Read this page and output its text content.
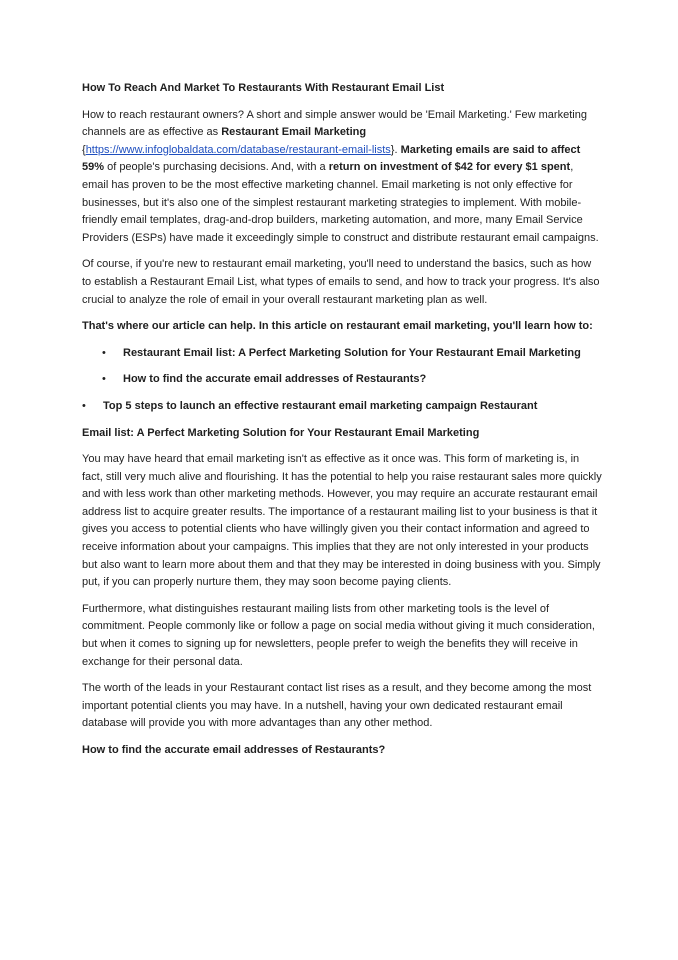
How To Reach And Market To Restaurants With Restaurant Email List

How to reach restaurant owners? A short and simple answer would be 'Email Marketing.' Few marketing channels are as effective as Restaurant Email Marketing {https://www.infoglobaldata.com/database/restaurant-email-lists}. Marketing emails are said to affect 59% of people's purchasing decisions. And, with a return on investment of $42 for every $1 spent, email has proven to be the most effective marketing channel. Email marketing is not only effective for businesses, but it's also one of the simplest restaurant marketing strategies to implement. With mobile-friendly email templates, drag-and-drop builders, marketing automation, and more, many Email Service Providers (ESPs) have made it exceedingly simple to construct and distribute restaurant email campaigns.

Of course, if you're new to restaurant email marketing, you'll need to understand the basics, such as how to establish a Restaurant Email List, what types of emails to send, and how to track your progress. It's also crucial to analyze the role of email in your overall restaurant marketing plan as well.

That's where our article can help. In this article on restaurant email marketing, you'll learn how to:

• Restaurant Email list: A Perfect Marketing Solution for Your Restaurant Email Marketing
• How to find the accurate email addresses of Restaurants?
• Top 5 steps to launch an effective restaurant email marketing campaign Restaurant

Email list: A Perfect Marketing Solution for Your Restaurant Email Marketing

You may have heard that email marketing isn't as effective as it once was. This form of marketing is, in fact, still very much alive and flourishing. It has the potential to help you raise restaurant sales more quickly and with less work than other marketing methods. However, you may require an accurate restaurant email address list to acquire greater results. The importance of a restaurant mailing list to your business is that it gives you access to potential clients who have willingly given you their contact information and agreed to receive information about your campaigns. This implies that they are not only interested in your products but also want to learn more about them and that they may be interested in doing business with you. Simply put, if you can properly nurture them, they may soon become paying clients.

Furthermore, what distinguishes restaurant mailing lists from other marketing tools is the level of commitment. People commonly like or follow a page on social media without giving it much consideration, but when it comes to signing up for newsletters, people prefer to weigh the benefits they will receive in exchange for their personal data.

The worth of the leads in your Restaurant contact list rises as a result, and they become among the most important potential clients you may have. In a nutshell, having your own dedicated restaurant email database will provide you with more advantages than any other method.

How to find the accurate email addresses of Restaurants?
